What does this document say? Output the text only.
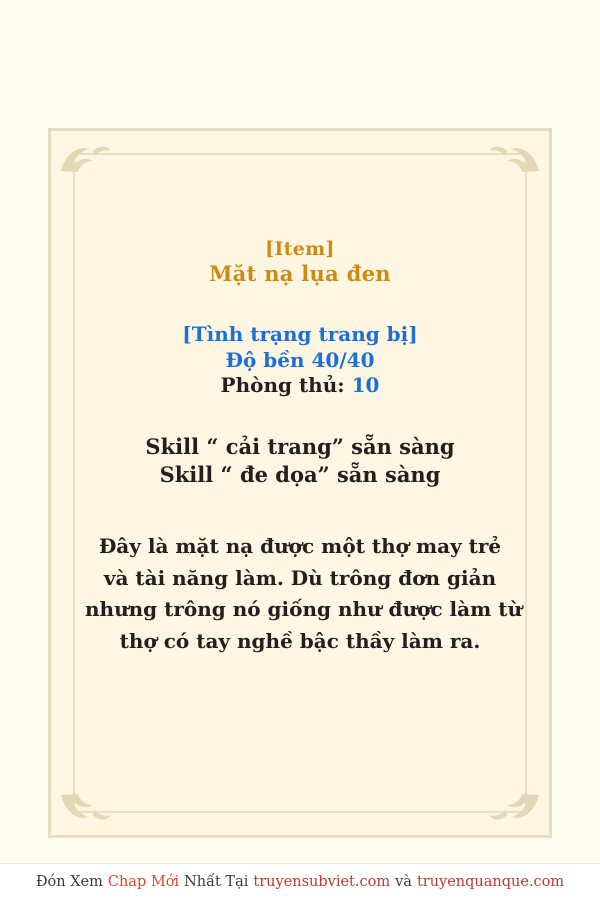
[Item]
Mặt nạ lụa đen
[Tình trạng trang bị]
Độ bền 40/40
Phòng thủ: 10
Skill “ cải trang” sẵn sàng
Skill “ đe dọa” sẵn sàng
Đây là mặt nạ được một thợ may trẻ
và tài năng làm. Dù trông đơn giản
nhưng trông nó giống như được làm từ
thợ có tay nghề bậc thầy làm ra.
Đón Xem Chap Mới Nhất Tại truyensubviet.com và truyenquanque.com
